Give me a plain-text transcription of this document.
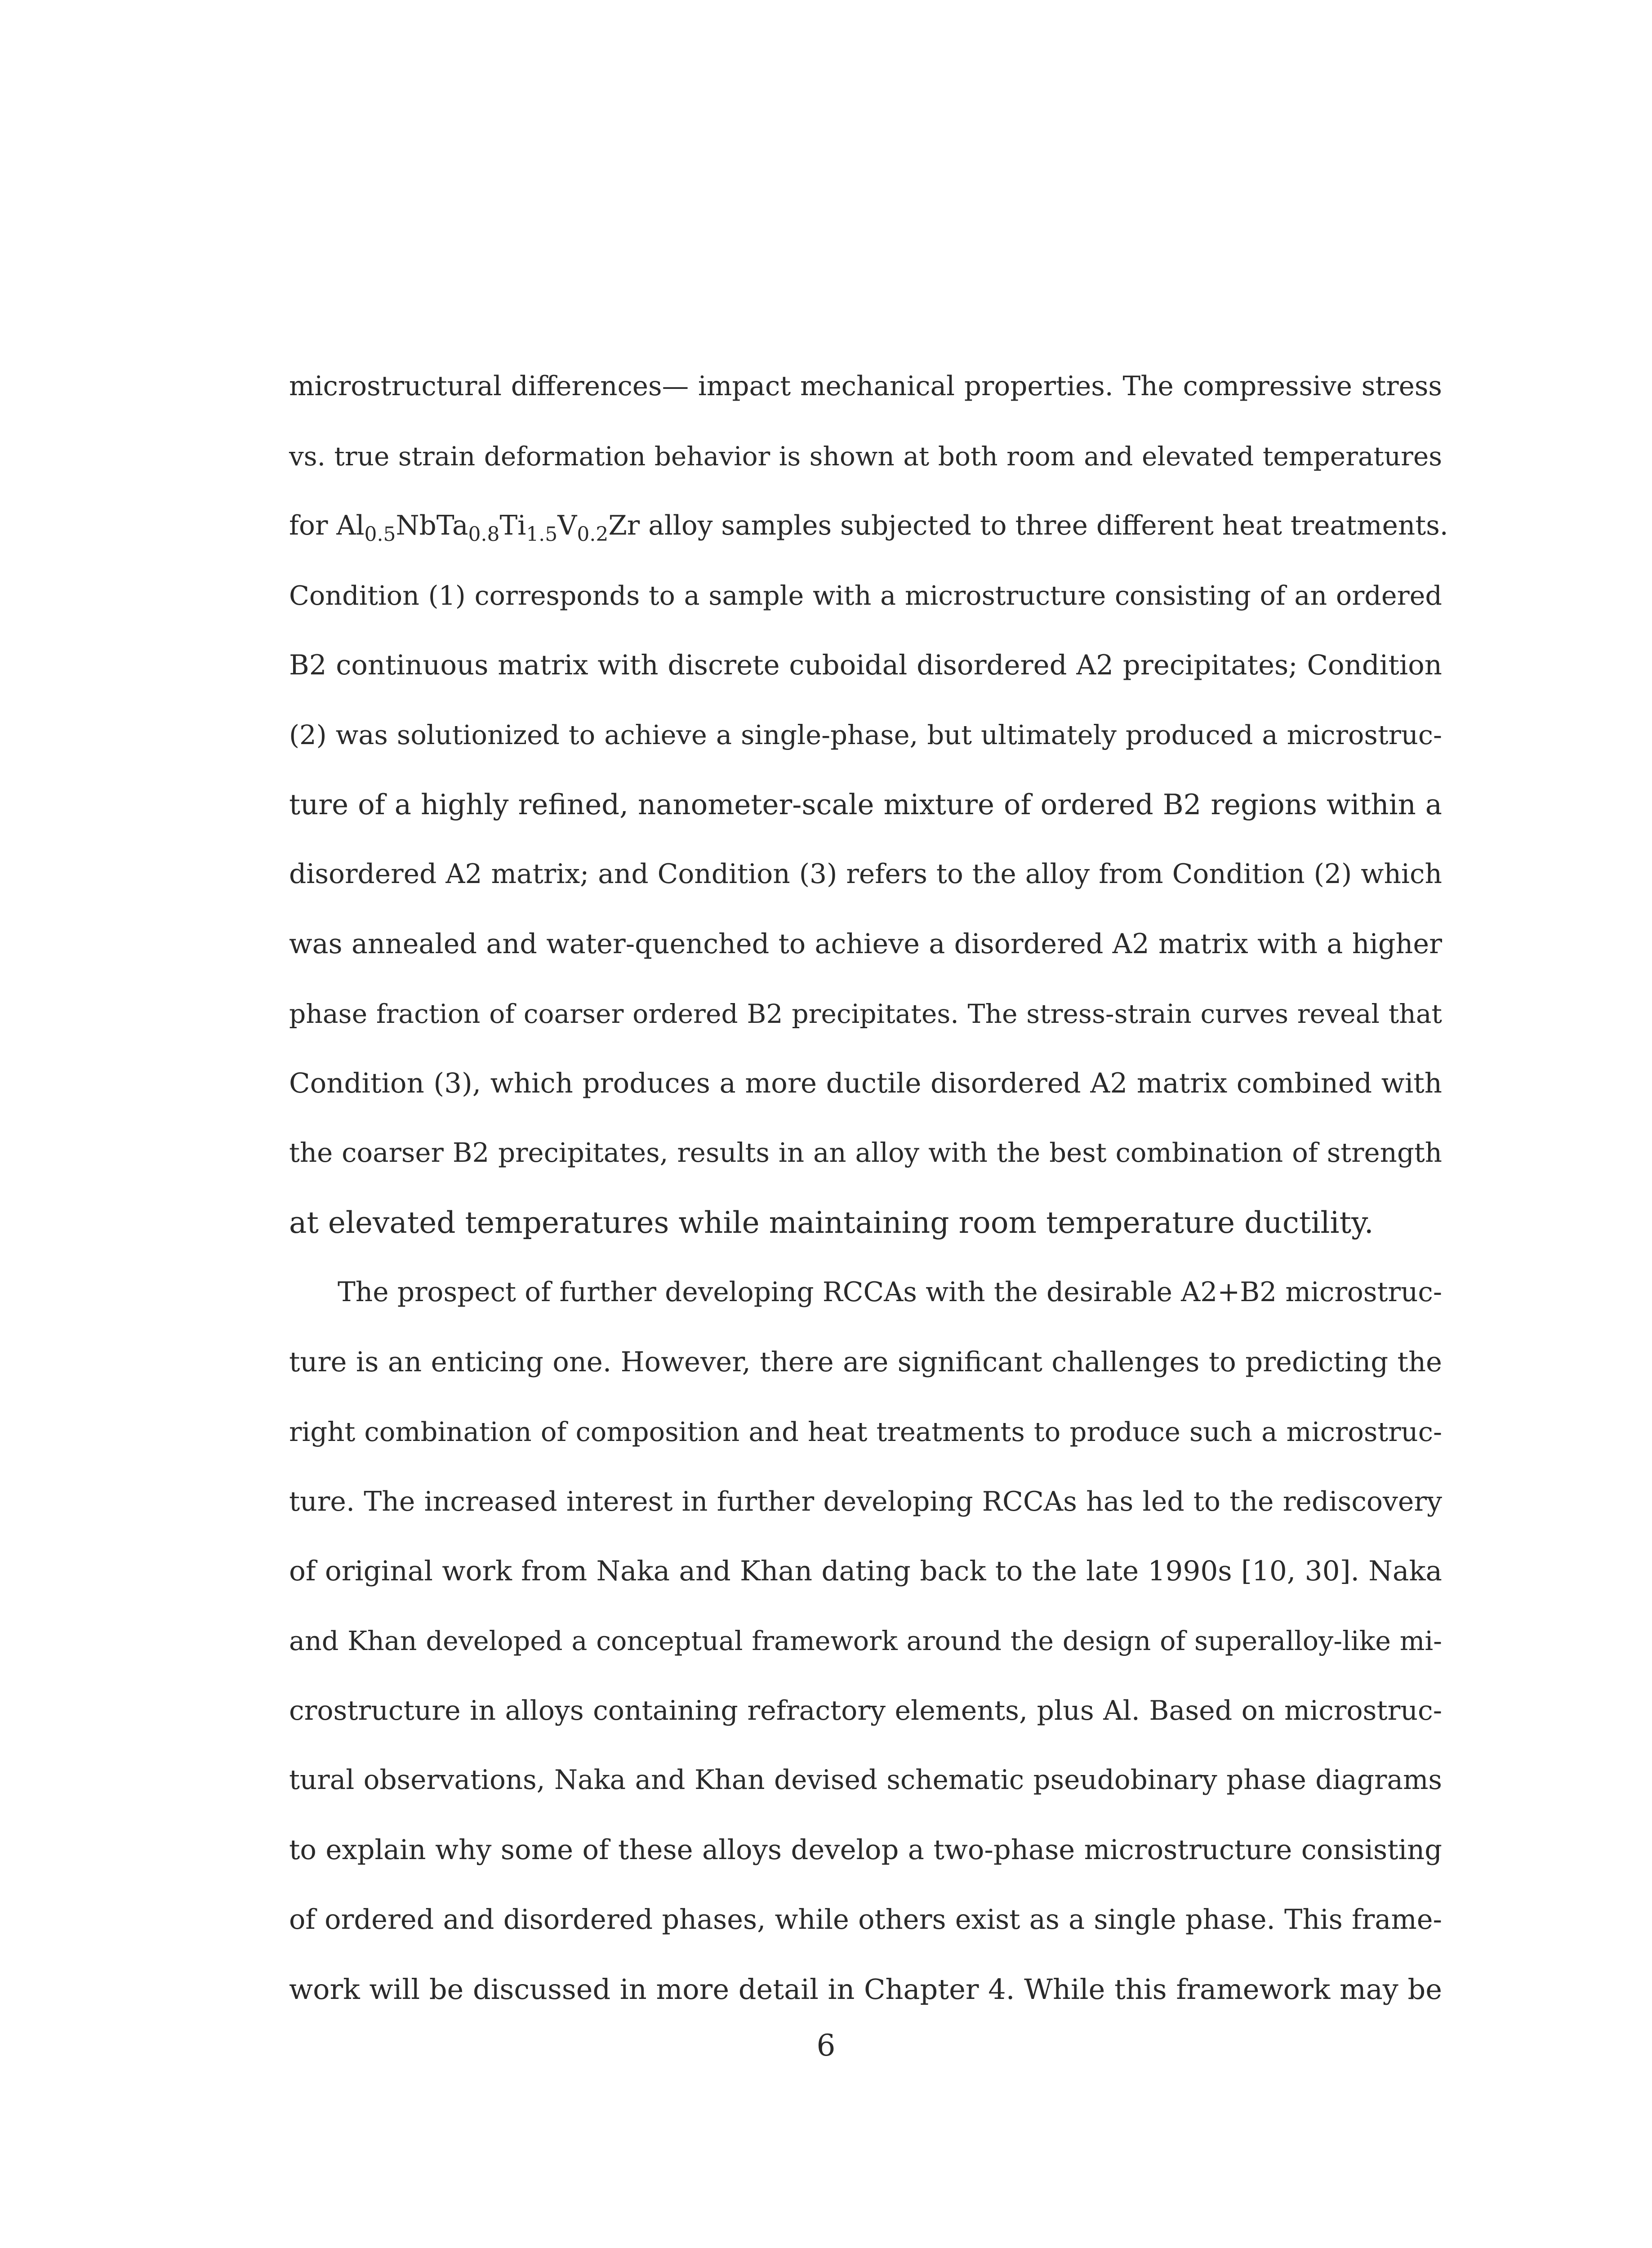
microstructural differences— impact mechanical properties. The compressive stress
vs. true strain deformation behavior is shown at both room and elevated temperatures
for $Al_{0.5}NbTa_{0.8}Ti_{1.5}V_{0.2}Zr$ alloy samples subjected to three different heat treatments.
Condition (1) corresponds to a sample with a microstructure consisting of an ordered
B2 continuous matrix with discrete cuboidal disordered A2 precipitates; Condition
(2) was solutionized to achieve a single-phase, but ultimately produced a microstruc-
ture of a highly refined, nanometer-scale mixture of ordered B2 regions within a
disordered A2 matrix; and Condition (3) refers to the alloy from Condition (2) which
was annealed and water-quenched to achieve a disordered A2 matrix with a higher
phase fraction of coarser ordered B2 precipitates. The stress-strain curves reveal that
Condition (3), which produces a more ductile disordered A2 matrix combined with
the coarser B2 precipitates, results in an alloy with the best combination of strength
at elevated temperatures while maintaining room temperature ductility.
The prospect of further developing RCCAs with the desirable A2+B2 microstruc-
ture is an enticing one. However, there are significant challenges to predicting the
right combination of composition and heat treatments to produce such a microstruc-
ture. The increased interest in further developing RCCAs has led to the rediscovery
of original work from Naka and Khan dating back to the late 1990s [10, 30]. Naka
and Khan developed a conceptual framework around the design of superalloy-like mi-
crostructure in alloys containing refractory elements, plus Al. Based on microstruc-
tural observations, Naka and Khan devised schematic pseudobinary phase diagrams
to explain why some of these alloys develop a two-phase microstructure consisting
of ordered and disordered phases, while others exist as a single phase. This frame-
work will be discussed in more detail in Chapter 4. While this framework may be
6
